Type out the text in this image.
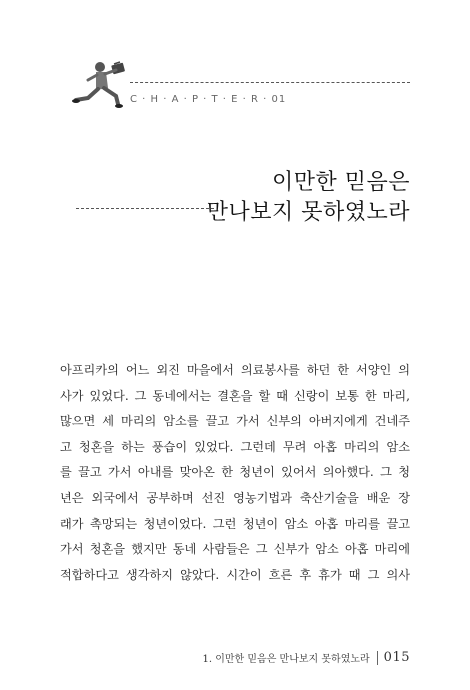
C · H · A · P · T · E · R · 01
이만한 믿음은
만나보지 못하였노라
아프리카의 어느 외진 마을에서 의료봉사를 하던 한 서양인 의
사가 있었다. 그 동네에서는 결혼을 할 때 신랑이 보통 한 마리,
많으면 세 마리의 암소를 끌고 가서 신부의 아버지에게 건네주
고 청혼을 하는 풍습이 있었다. 그런데 무려 아홉 마리의 암소
를 끌고 가서 아내를 맞아온 한 청년이 있어서 의아했다. 그 청
년은 외국에서 공부하며 선진 영농기법과 축산기술을 배운 장
래가 촉망되는 청년이었다. 그런 청년이 암소 아홉 마리를 끌고
가서 청혼을 했지만 동네 사람들은 그 신부가 암소 아홉 마리에
적합하다고 생각하지 않았다. 시간이 흐른 후 휴가 때 그 의사
1. 이만한 믿음은 만나보지 못하였노라 015
